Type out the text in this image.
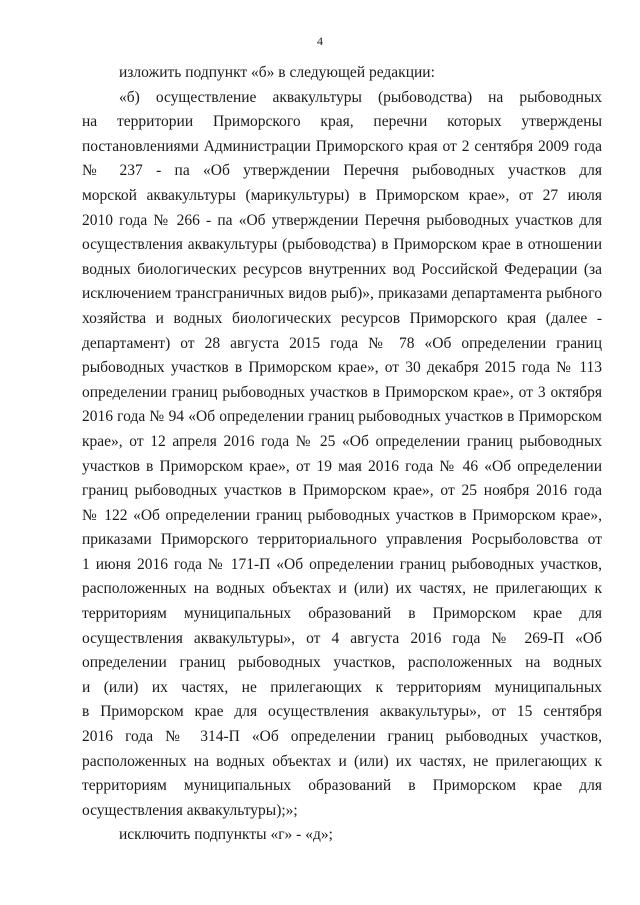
4
изложить подпункт «б» в следующей редакции:
«б) осуществление аквакультуры (рыбоводства) на рыбоводных
на территории Приморского края, перечни которых утверждены
постановлениями Администрации Приморского края от 2 сентября 2009 года
№ 237 - па «Об утверждении Перечня рыбоводных участков для
морской аквакультуры (марикультуры) в Приморском крае», от 27 июля
2010 года № 266 - па «Об утверждении Перечня рыбоводных участков для
осуществления аквакультуры (рыбоводства) в Приморском крае в отношении
водных биологических ресурсов внутренних вод Российской Федерации (за
исключением трансграничных видов рыб)», приказами департамента рыбного
хозяйства и водных биологических ресурсов Приморского края (далее -
департамент) от 28 августа 2015 года № 78 «Об определении границ
рыбоводных участков в Приморском крае», от 30 декабря 2015 года № 113
определении границ рыбоводных участков в Приморском крае», от 3 октября
2016 года № 94 «Об определении границ рыбоводных участков в Приморском
крае», от 12 апреля 2016 года № 25 «Об определении границ рыбоводных
участков в Приморском крае», от 19 мая 2016 года № 46 «Об определении
границ рыбоводных участков в Приморском крае», от 25 ноября 2016 года
№ 122 «Об определении границ рыбоводных участков в Приморском крае»,
приказами Приморского территориального управления Росрыболовства от
1 июня 2016 года № 171-П «Об определении границ рыбоводных участков,
расположенных на водных объектах и (или) их частях, не прилегающих к
территориям муниципальных образований в Приморском крае для
осуществления аквакультуры», от 4 августа 2016 года № 269-П «Об
определении границ рыбоводных участков, расположенных на водных
и (или) их частях, не прилегающих к территориям муниципальных
в Приморском крае для осуществления аквакультуры», от 15 сентября
2016 года № 314-П «Об определении границ рыбоводных участков,
расположенных на водных объектах и (или) их частях, не прилегающих к
территориям муниципальных образований в Приморском крае для
осуществления аквакультуры);»;
исключить подпункты «г» - «д»;
